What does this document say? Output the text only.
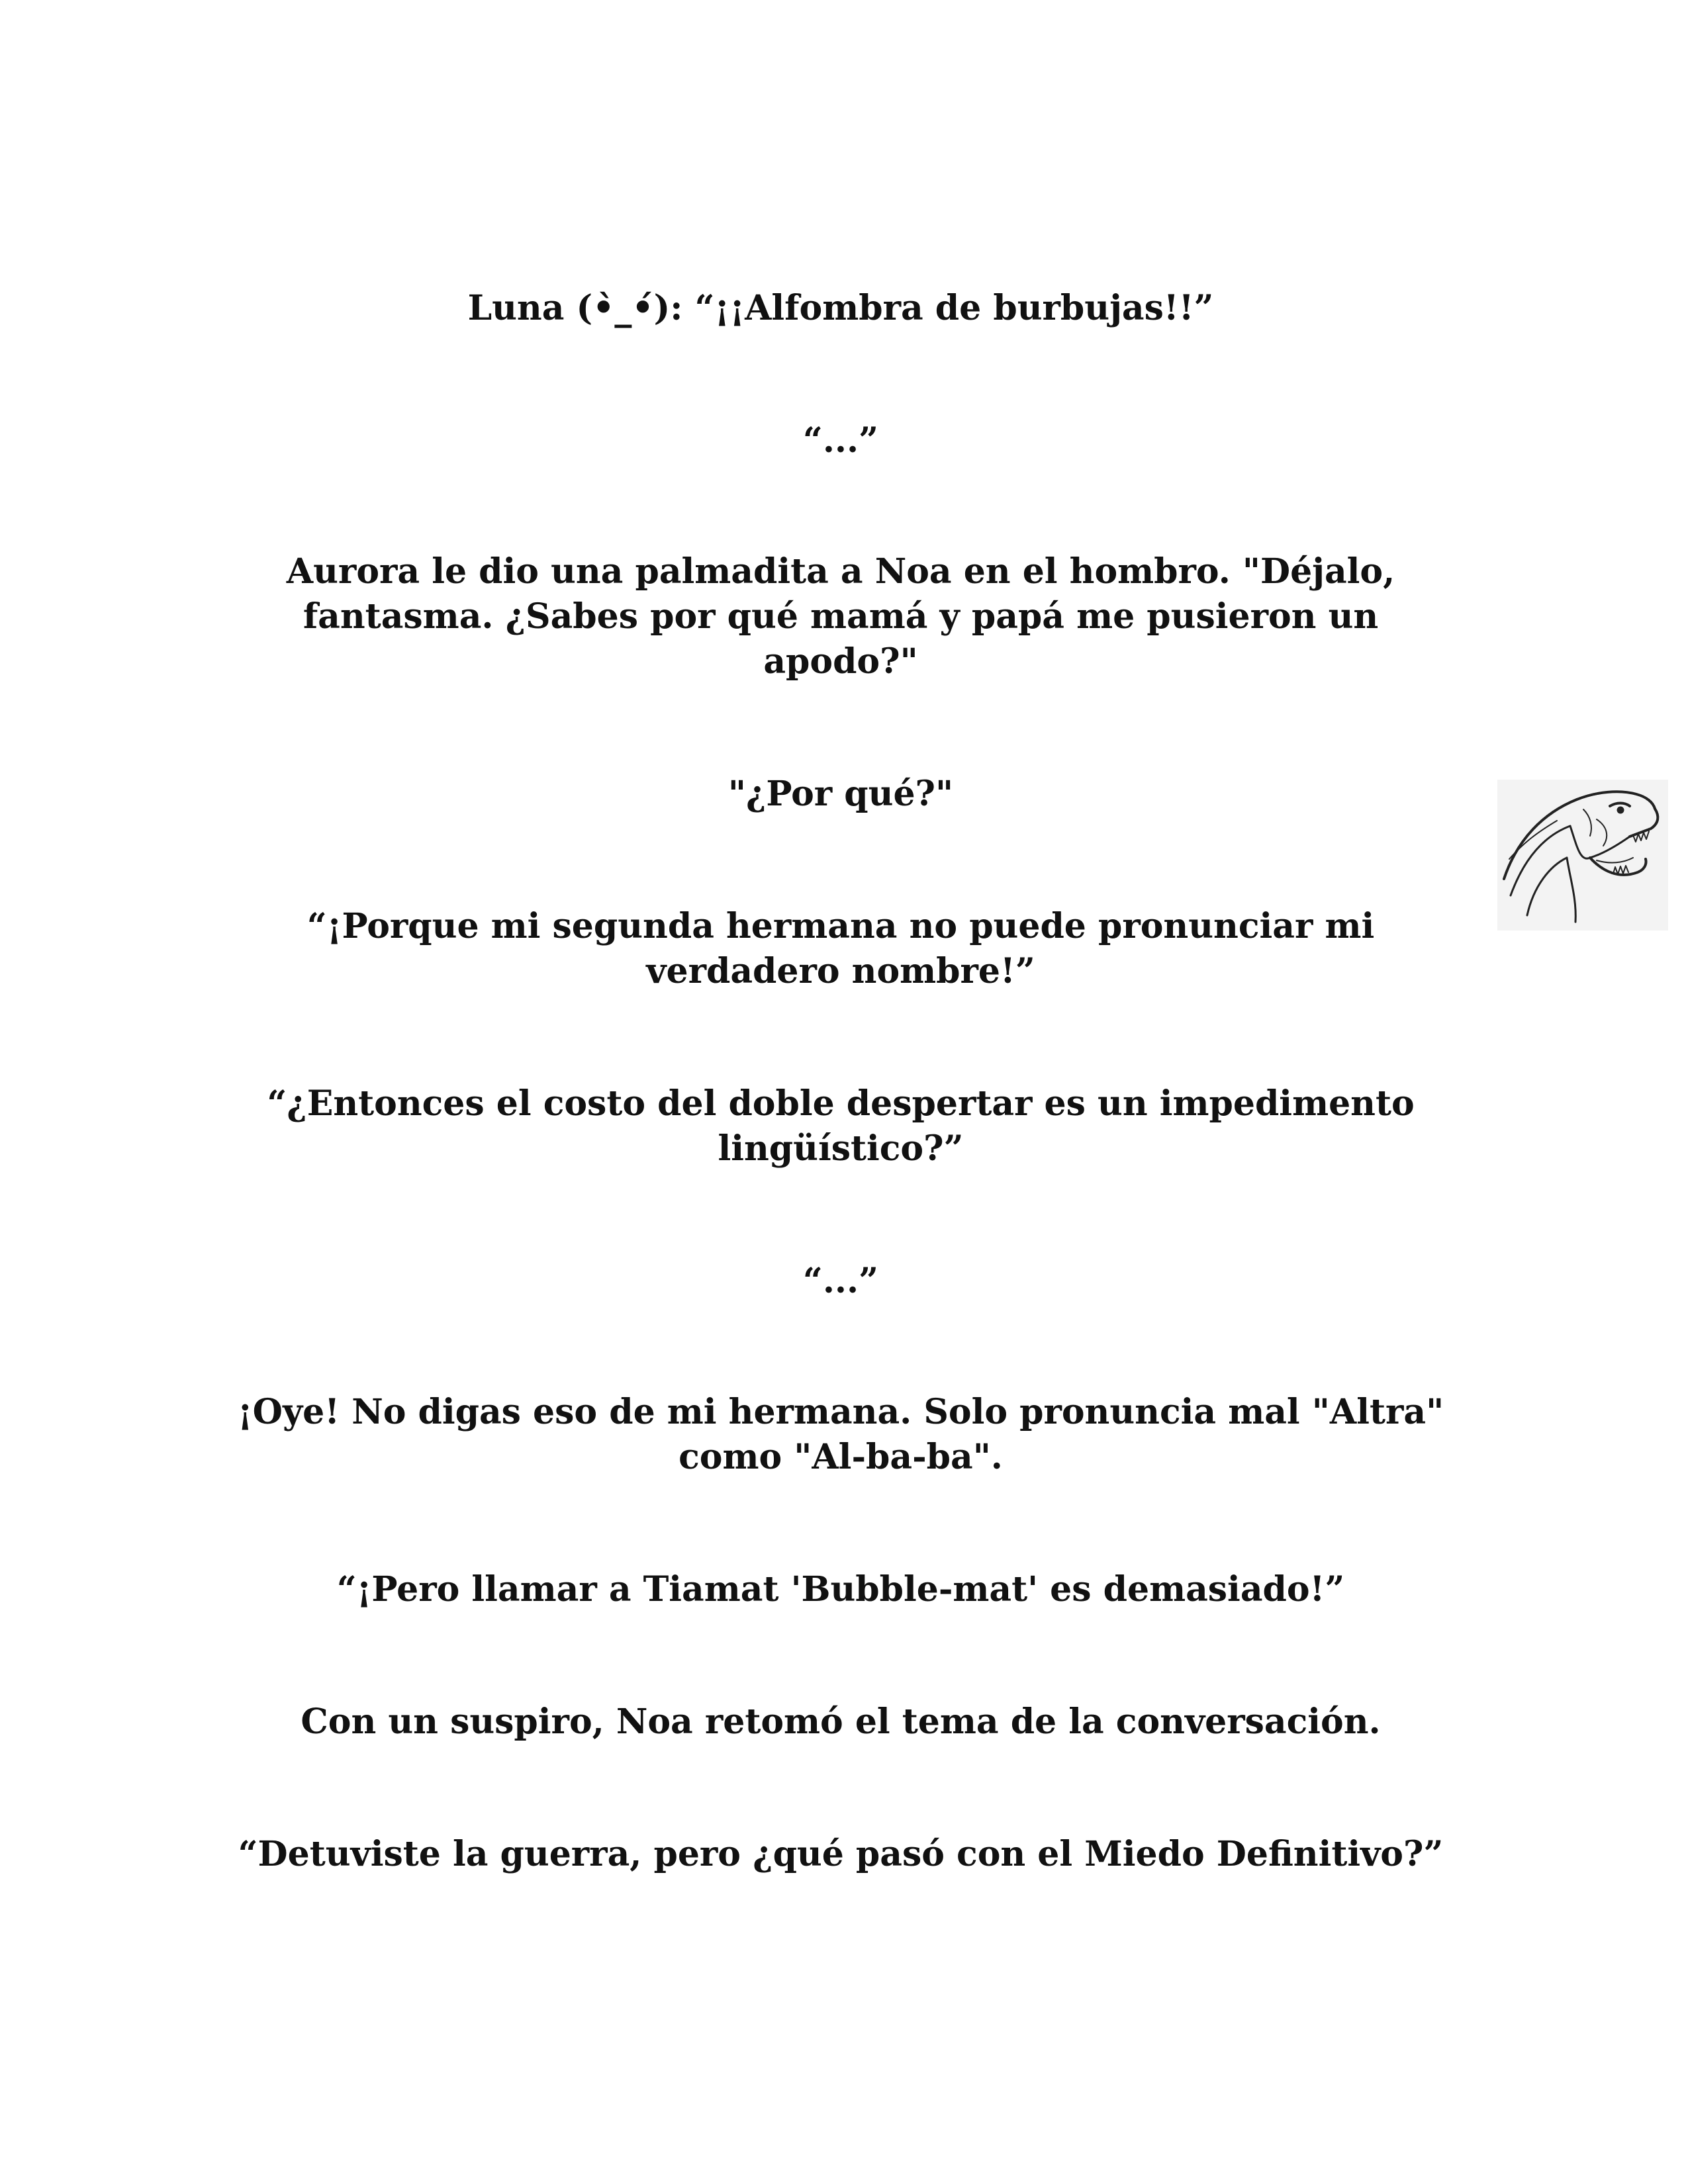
Luna (•̀_•́): “¡¡Alfombra de burbujas!!”

“...”

Aurora le dio una palmadita a Noa en el hombro. "Déjalo, fantasma. ¿Sabes por qué mamá y papá me pusieron un apodo?"

"¿Por qué?"

“¡Porque mi segunda hermana no puede pronunciar mi verdadero nombre!”

“¿Entonces el costo del doble despertar es un impedimento lingüístico?”

“...”

¡Oye! No digas eso de mi hermana. Solo pronuncia mal "Altra" como "Al-ba-ba".

“¡Pero llamar a Tiamat 'Bubble-mat' es demasiado!”

Con un suspiro, Noa retomó el tema de la conversación.

“Detuviste la guerra, pero ¿qué pasó con el Miedo Definitivo?”
